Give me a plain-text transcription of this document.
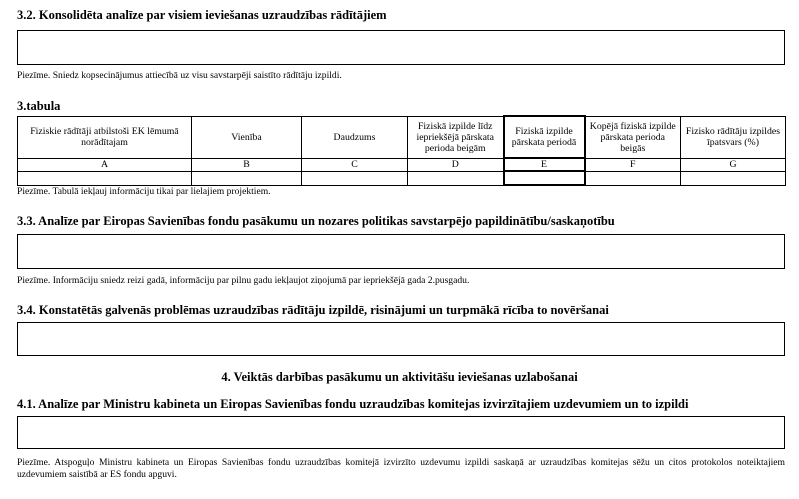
3.2. Konsolidēta analīze par visiem ieviešanas uzraudzības rādītājiem
Piezīme. Sniedz kopsecinājumus attiecībā uz visu savstarpēji saistīto rādītāju izpildi.
3.tabula
Fiziskie rādītāji atbilstoši EK lēmumā norādītajam	Vienība	Daudzums	Fiziskā izpilde līdz iepriekšējā pārskata perioda beigām	Fiziskā izpilde pārskata periodā	Kopējā fiziskā izpilde pārskata perioda beigās	Fizisko rādītāju izpildes īpatsvars (%)
A	B	C	D	E	F	G

Piezīme. Tabulā iekļauj informāciju tikai par lielajiem projektiem.
3.3. Analīze par Eiropas Savienības fondu pasākumu un nozares politikas savstarpējo papildinātību/saskaņotību
Piezīme. Informāciju sniedz reizi gadā, informāciju par pilnu gadu iekļaujot ziņojumā par iepriekšējā gada 2.pusgadu.
3.4. Konstatētās galvenās problēmas uzraudzības rādītāju izpildē, risinājumi un turpmākā rīcība to novēršanai
4. Veiktās darbības pasākumu un aktivitāšu ieviešanas uzlabošanai
4.1. Analīze par Ministru kabineta un Eiropas Savienības fondu uzraudzības komitejas izvirzītajiem uzdevumiem un to izpildi
Piezīme. Atspoguļo Ministru kabineta un Eiropas Savienības fondu uzraudzības komitejā izvirzīto uzdevumu izpildi saskaņā ar uzraudzības komitejas sēžu un citos protokolos noteiktajiem uzdevumiem saistībā ar ES fondu apguvi.
